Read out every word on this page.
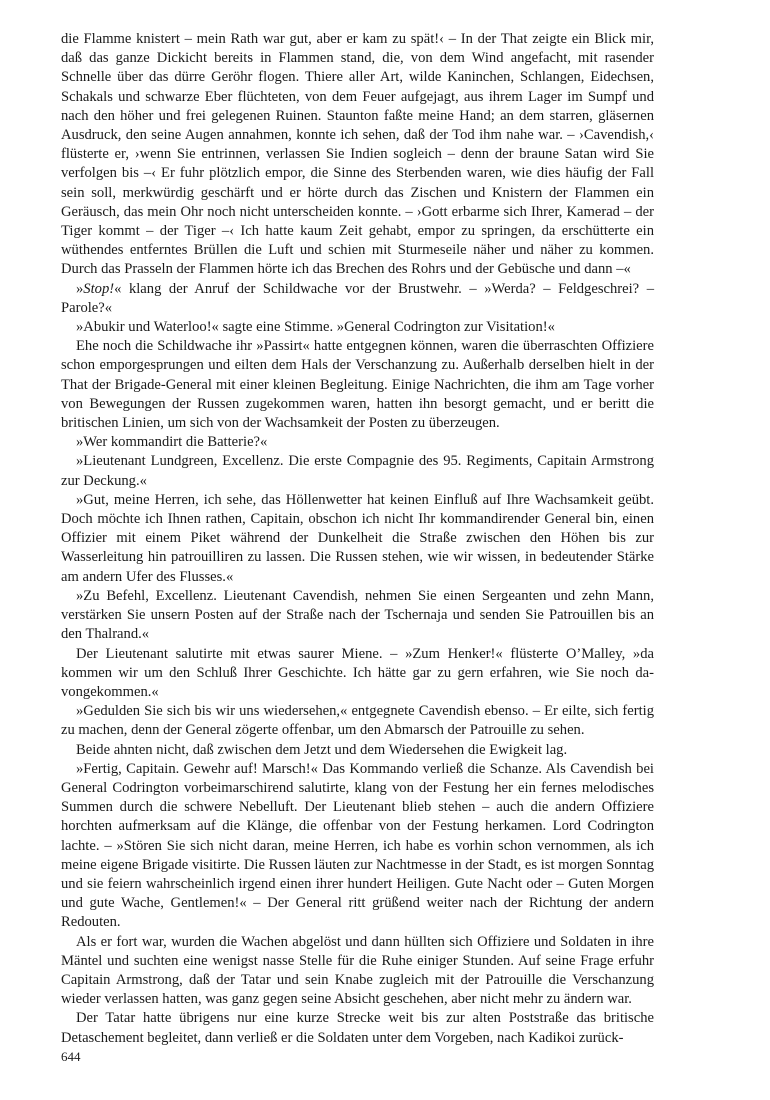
die Flamme knistert – mein Rath war gut, aber er kam zu spät!‹ – In der That zeigte ein Blick mir, daß das ganze Dickicht bereits in Flammen stand, die, von dem Wind angefacht, mit rasender Schnelle über das dürre Geröhr flogen. Thiere aller Art, wilde Kaninchen, Schlangen, Eidechsen, Schakals und schwarze Eber flüchteten, von dem Feuer aufgejagt, aus ihrem Lager im Sumpf und nach den höher und frei gelegenen Ruinen. Staunton faßte meine Hand; an dem starren, gläsernen Ausdruck, den seine Augen annahmen, konnte ich sehen, daß der Tod ihm nahe war. – ›Cavendish,‹ flüsterte er, ›wenn Sie entrinnen, verlassen Sie Indien sogleich – denn der braune Satan wird Sie verfolgen bis –‹ Er fuhr plötzlich empor, die Sinne des Sterbenden waren, wie dies häufig der Fall sein soll, merkwürdig geschärft und er hörte durch das Zischen und Knistern der Flammen ein Geräusch, das mein Ohr noch nicht unterscheiden konnte. – ›Gott erbarme sich Ihrer, Kamerad – der Tiger kommt – der Tiger –‹ Ich hatte kaum Zeit gehabt, empor zu springen, da erschütterte ein wüthendes entferntes Brüllen die Luft und schien mit Sturmeseile näher und näher zu kommen. Durch das Prasseln der Flammen hörte ich das Brechen des Rohrs und der Gebüsche und dann –«

»Stop!« klang der Anruf der Schildwache vor der Brustwehr. – »Werda? – Feldgeschrei? – Parole?«

»Abukir und Waterloo!« sagte eine Stimme. »General Codrington zur Visitation!«

Ehe noch die Schildwache ihr »Passirt« hatte entgegnen können, waren die überraschten Offiziere schon emporgesprungen und eilten dem Hals der Verschanzung zu. Außerhalb derselben hielt in der That der Brigade-General mit einer kleinen Begleitung. Einige Nachrichten, die ihm am Tage vorher von Bewegungen der Russen zugekommen waren, hatten ihn besorgt gemacht, und er beritt die britischen Linien, um sich von der Wachsamkeit der Posten zu überzeugen.

»Wer kommandirt die Batterie?«

»Lieutenant Lundgreen, Excellenz. Die erste Compagnie des 95. Regiments, Capitain Armstrong zur Deckung.«

»Gut, meine Herren, ich sehe, das Höllenwetter hat keinen Einfluß auf Ihre Wachsamkeit geübt. Doch möchte ich Ihnen rathen, Capitain, obschon ich nicht Ihr kommandirender General bin, einen Offizier mit einem Piket während der Dunkelheit die Straße zwischen den Höhen bis zur Wasserleitung hin patrouilliren zu lassen. Die Russen stehen, wie wir wissen, in bedeutender Stärke am andern Ufer des Flusses.«

»Zu Befehl, Excellenz. Lieutenant Cavendish, nehmen Sie einen Sergeanten und zehn Mann, verstärken Sie unsern Posten auf der Straße nach der Tschernaja und senden Sie Patrouillen bis an den Thalrand.«

Der Lieutenant salutirte mit etwas saurer Miene. – »Zum Henker!« flüsterte O’Malley, »da kommen wir um den Schluß Ihrer Geschichte. Ich hätte gar zu gern erfahren, wie Sie noch davongekommen.«

»Gedulden Sie sich bis wir uns wiedersehen,« entgegnete Cavendish ebenso. – Er eilte, sich fertig zu machen, denn der General zögerte offenbar, um den Abmarsch der Patrouille zu sehen.

Beide ahnten nicht, daß zwischen dem Jetzt und dem Wiedersehen die Ewigkeit lag.

»Fertig, Capitain. Gewehr auf! Marsch!« Das Kommando verließ die Schanze. Als Cavendish bei General Codrington vorbeimarschirend salutirte, klang von der Festung her ein fernes melodisches Summen durch die schwere Nebelluft. Der Lieutenant blieb stehen – auch die andern Offiziere horchten aufmerksam auf die Klänge, die offenbar von der Festung herkamen. Lord Codrington lachte. – »Stören Sie sich nicht daran, meine Herren, ich habe es vorhin schon vernommen, als ich meine eigene Brigade visitirte. Die Russen läuten zur Nachtmesse in der Stadt, es ist morgen Sonntag und sie feiern wahrscheinlich irgend einen ihrer hundert Heiligen. Gute Nacht oder – Guten Morgen und gute Wache, Gentlemen!« – Der General ritt grüßend weiter nach der Richtung der andern Redouten.

Als er fort war, wurden die Wachen abgelöst und dann hüllten sich Offiziere und Soldaten in ihre Mäntel und suchten eine wenigst nasse Stelle für die Ruhe einiger Stunden. Auf seine Frage erfuhr Capitain Armstrong, daß der Tatar und sein Knabe zugleich mit der Patrouille die Verschanzung wieder verlassen hatten, was ganz gegen seine Absicht geschehen, aber nicht mehr zu ändern war.

Der Tatar hatte übrigens nur eine kurze Strecke weit bis zur alten Poststraße das britische Detaschement begleitet, dann verließ er die Soldaten unter dem Vorgeben, nach Kadikoi zurück-

644
